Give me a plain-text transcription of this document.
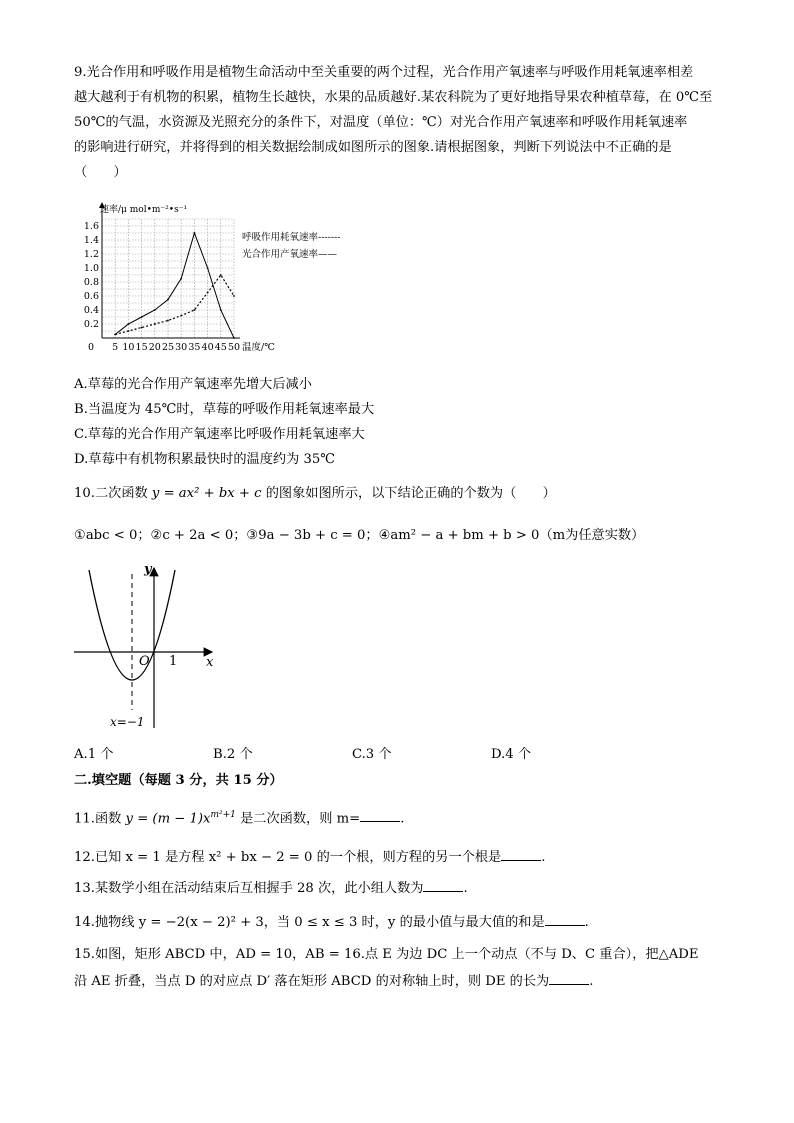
9.光合作用和呼吸作用是植物生命活动中至关重要的两个过程，光合作用产氧速率与呼吸作用耗氧速率相差
越大越利于有机物的积累，植物生长越快，水果的品质越好.某农科院为了更好地指导果农种植草莓，在 0℃至
50℃的气温，水资源及光照充分的条件下，对温度（单位：℃）对光合作用产氧速率和呼吸作用耗氧速率
的影响进行研究，并将得到的相关数据绘制成如图所示的图象.请根据图象，判断下列说法中不正确的是
（　　）
5 10 15 20 25 30 35 40 45 50
0.2
0.4
0.6
0.8
1.0
1.2
1.4
1.6
速率/μ mol•m⁻²•s⁻¹
温度/℃
0
呼吸作用耗氧速率-------
光合作用产氧速率——
A.草莓的光合作用产氧速率先增大后减小
B.当温度为 45℃时，草莓的呼吸作用耗氧速率最大
C.草莓的光合作用产氧速率比呼吸作用耗氧速率大
D.草莓中有机物积累最快时的温度约为 35℃
10.二次函数 y = ax² + bx + c 的图象如图所示，以下结论正确的个数为（　　）
①abc < 0；②c + 2a < 0；③9a − 3b + c = 0；④am² − a + bm + b > 0（m为任意实数）
y
x
O 1
x=−1
A.1 个	B.2 个	C.3 个	D.4 个
二.填空题（每题 3 分，共 15 分）
11.函数 $y = (m - 1)x^{m^2+1}$ 是二次函数，则 m=	.
12.已知 x = 1 是方程 x² + bx − 2 = 0 的一个根，则方程的另一个根是	.
13.某数学小组在活动结束后互相握手 28 次，此小组人数为	.
14.抛物线 y = −2(x − 2)² + 3，当 0 ≤ x ≤ 3 时，y 的最小值与最大值的和是	.
15.如图，矩形 ABCD 中，AD = 10，AB = 16.点 E 为边 DC 上一个动点（不与 D、C 重合），把△ADE
沿 AE 折叠，当点 D 的对应点 D′ 落在矩形 ABCD 的对称轴上时，则 DE 的长为	.
